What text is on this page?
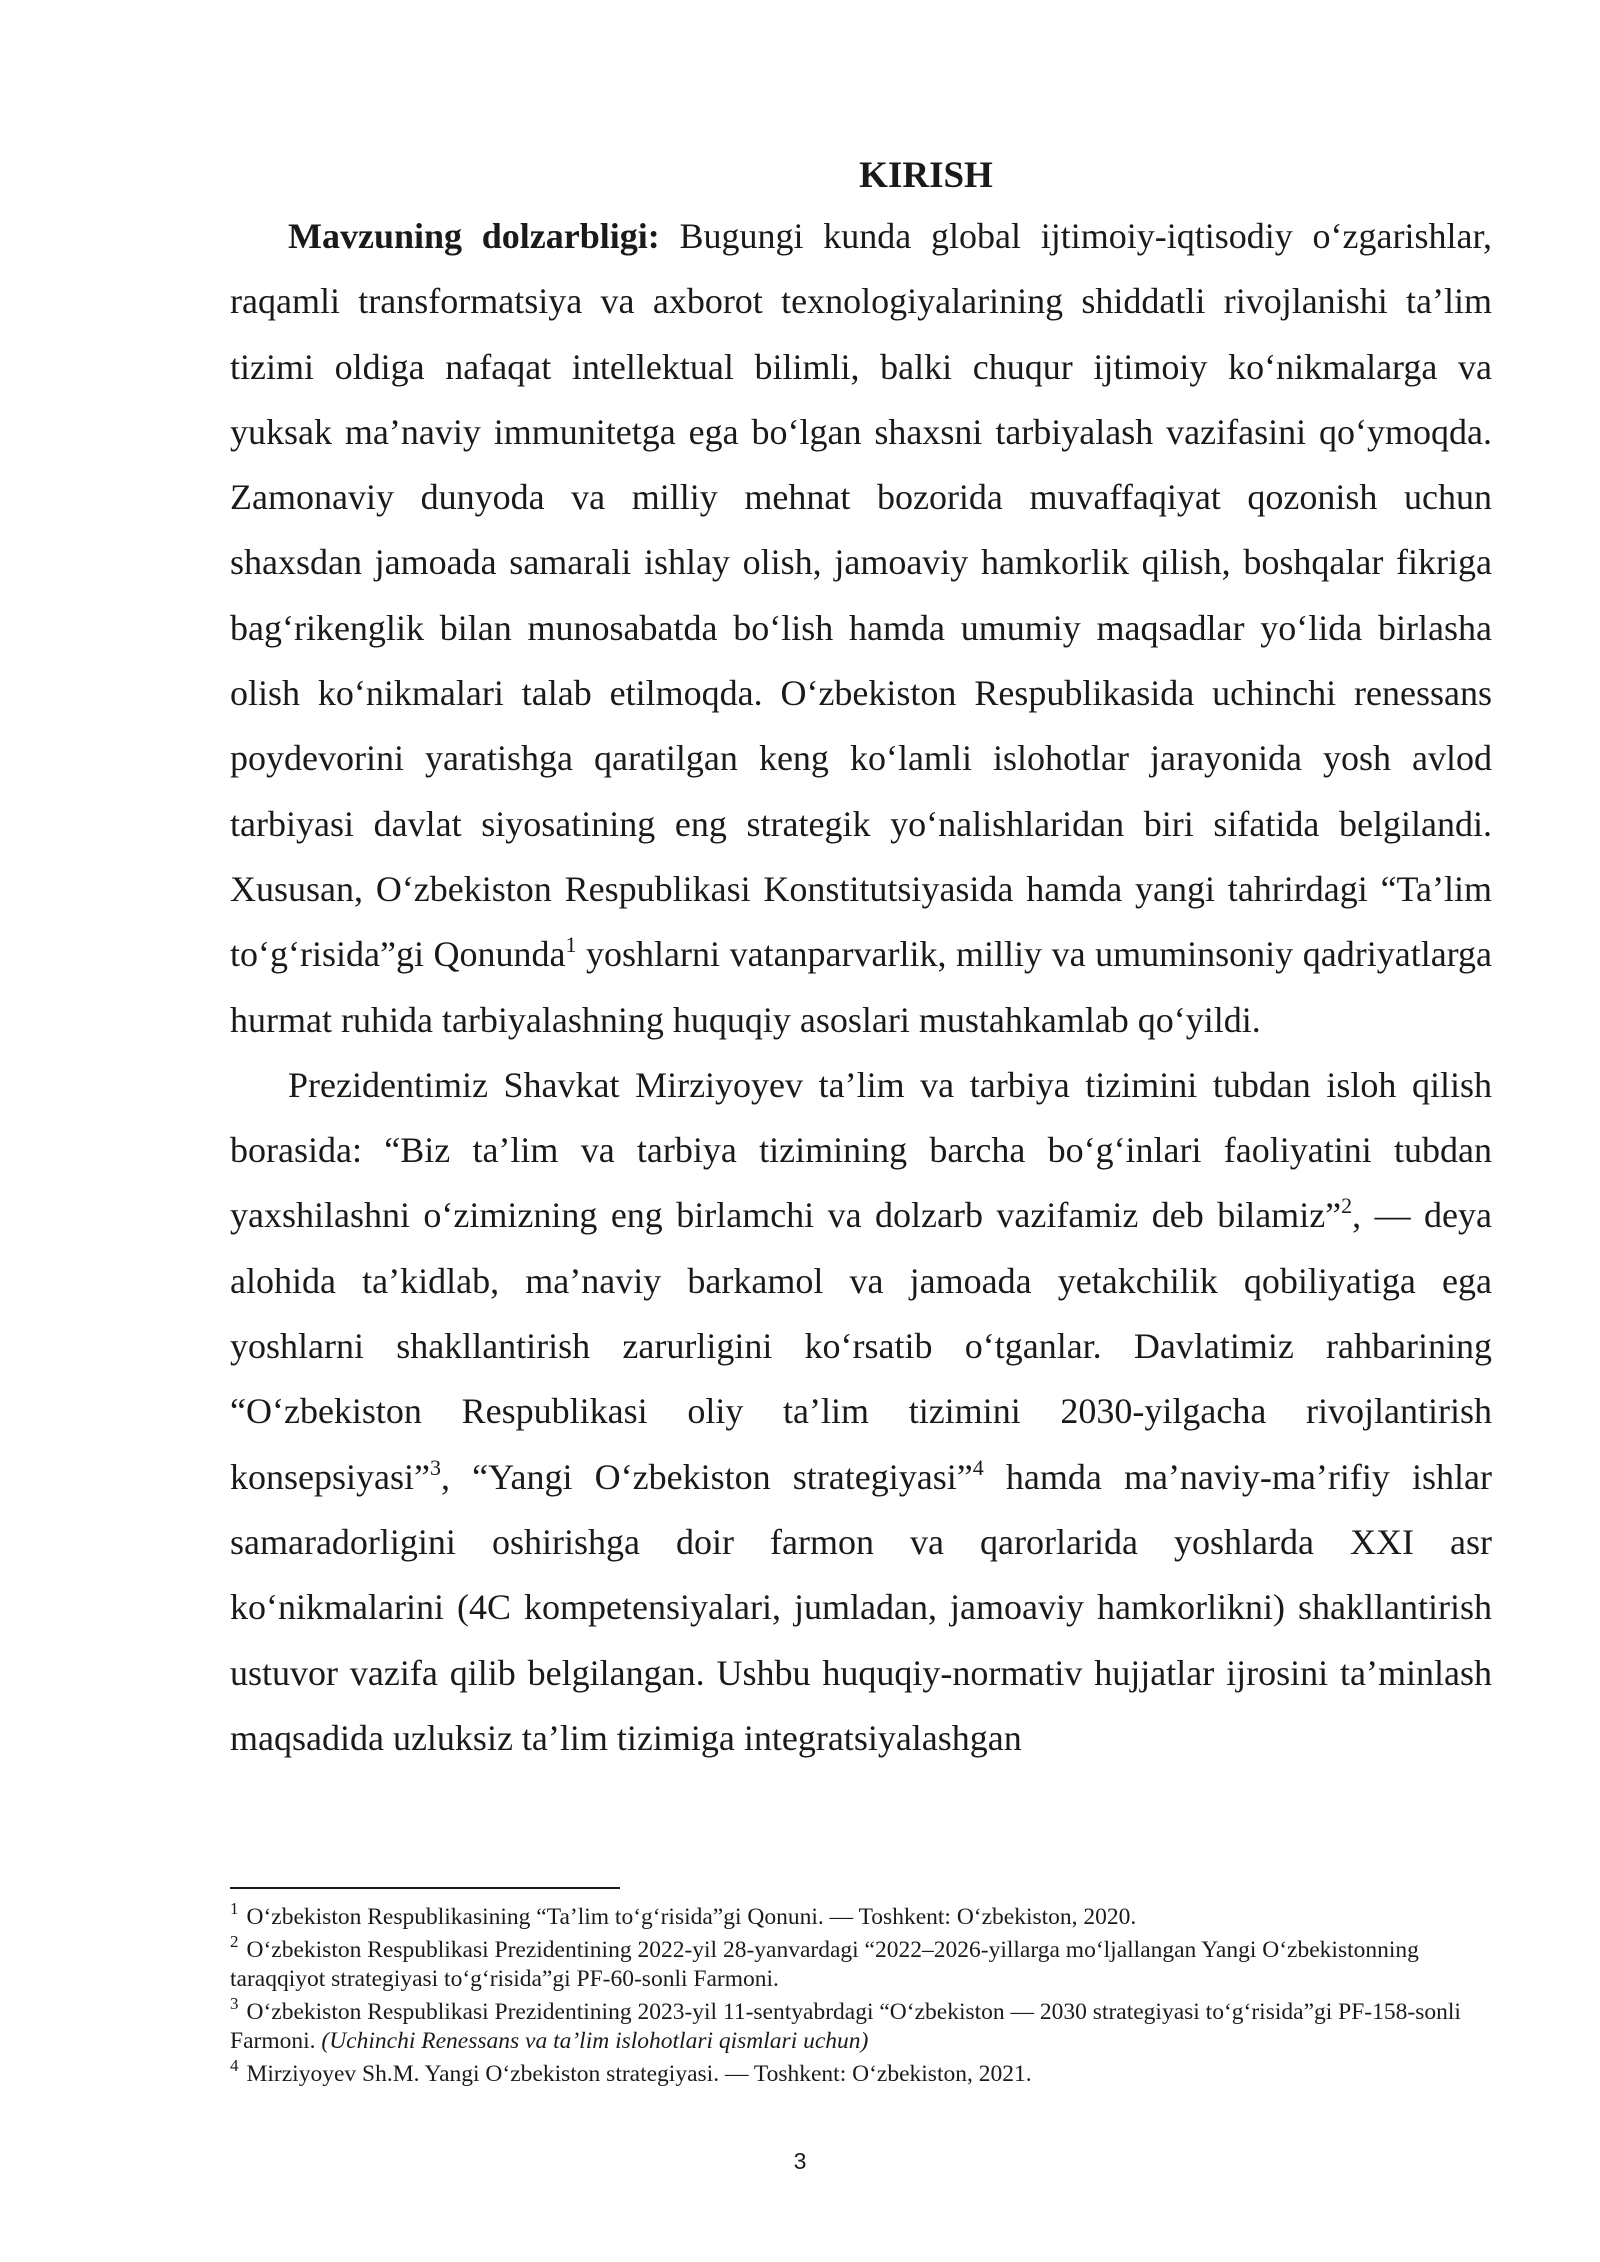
KIRISH

Mavzuning dolzarbligi: Bugungi kunda global ijtimoiy-iqtisodiy o‘zgarishlar, raqamli transformatsiya va axborot texnologiyalarining shiddatli rivojlanishi ta’lim tizimi oldiga nafaqat intellektual bilimli, balki chuqur ijtimoiy ko‘nikmalarga va yuksak ma’naviy immunitetga ega bo‘lgan shaxsni tarbiyalash vazifasini qo‘ymoqda. Zamonaviy dunyoda va milliy mehnat bozorida muvaffaqiyat qozonish uchun shaxsdan jamoada samarali ishlay olish, jamoaviy hamkorlik qilish, boshqalar fikriga bag‘rikenglik bilan munosabatda bo‘lish hamda umumiy maqsadlar yo‘lida birlasha olish ko‘nikmalari talab etilmoqda. O‘zbekiston Respublikasida uchinchi renessans poydevorini yaratishga qaratilgan keng ko‘lamli islohotlar jarayonida yosh avlod tarbiyasi davlat siyosatining eng strategik yo‘nalishlaridan biri sifatida belgilandi. Xususan, O‘zbekiston Respublikasi Konstitutsiyasida hamda yangi tahrirdagi “Ta’lim to‘g‘risida”gi Qonunda$^1$ yoshlarni vatanparvarlik, milliy va umuminsoniy qadriyatlarga hurmat ruhida tarbiyalashning huquqiy asoslari mustahkamlab qo‘yildi.

Prezidentimiz Shavkat Mirziyoyev ta’lim va tarbiya tizimini tubdan isloh qilish borasida: “Biz ta’lim va tarbiya tizimining barcha bo‘g‘inlari faoliyatini tubdan yaxshilashni o‘zimizning eng birlamchi va dolzarb vazifamiz deb bilamiz”$^2$, — deya alohida ta’kidlab, ma’naviy barkamol va jamoada yetakchilik qobiliyatiga ega yoshlarni shakllantirish zarurligini ko‘rsatib o‘tganlar. Davlatimiz rahbarining “O‘zbekiston Respublikasi oliy ta’lim tizimini 2030-yilgacha rivojlantirish konsepsiyasi”$^3$, “Yangi O‘zbekiston strategiyasi”$^4$ hamda ma’naviy-ma’rifiy ishlar samaradorligini oshirishga doir farmon va qarorlarida yoshlarda XXI asr ko‘nikmalarini (4C kompetensiyalari, jumladan, jamoaviy hamkorlikni) shakllantirish ustuvor vazifa qilib belgilangan. Ushbu huquqiy-normativ hujjatlar ijrosini ta’minlash maqsadida uzluksiz ta’lim tizimiga integratsiyalashgan

$^1$ O‘zbekiston Respublikasining “Ta’lim to‘g‘risida”gi Qonuni. — Toshkent: O‘zbekiston, 2020.

$^2$ O‘zbekiston Respublikasi Prezidentining 2022-yil 28-yanvardagi “2022–2026-yillarga mo‘ljallangan Yangi O‘zbekistonning taraqqiyot strategiyasi to‘g‘risida”gi PF-60-sonli Farmoni.

$^3$ O‘zbekiston Respublikasi Prezidentining 2023-yil 11-sentyabrdagi “O‘zbekiston — 2030 strategiyasi to‘g‘risida”gi PF-158-sonli Farmoni. (Uchinchi Renessans va ta’lim islohotlari qismlari uchun)

$^4$ Mirziyoyev Sh.M. Yangi O‘zbekiston strategiyasi. — Toshkent: O‘zbekiston, 2021.

3
